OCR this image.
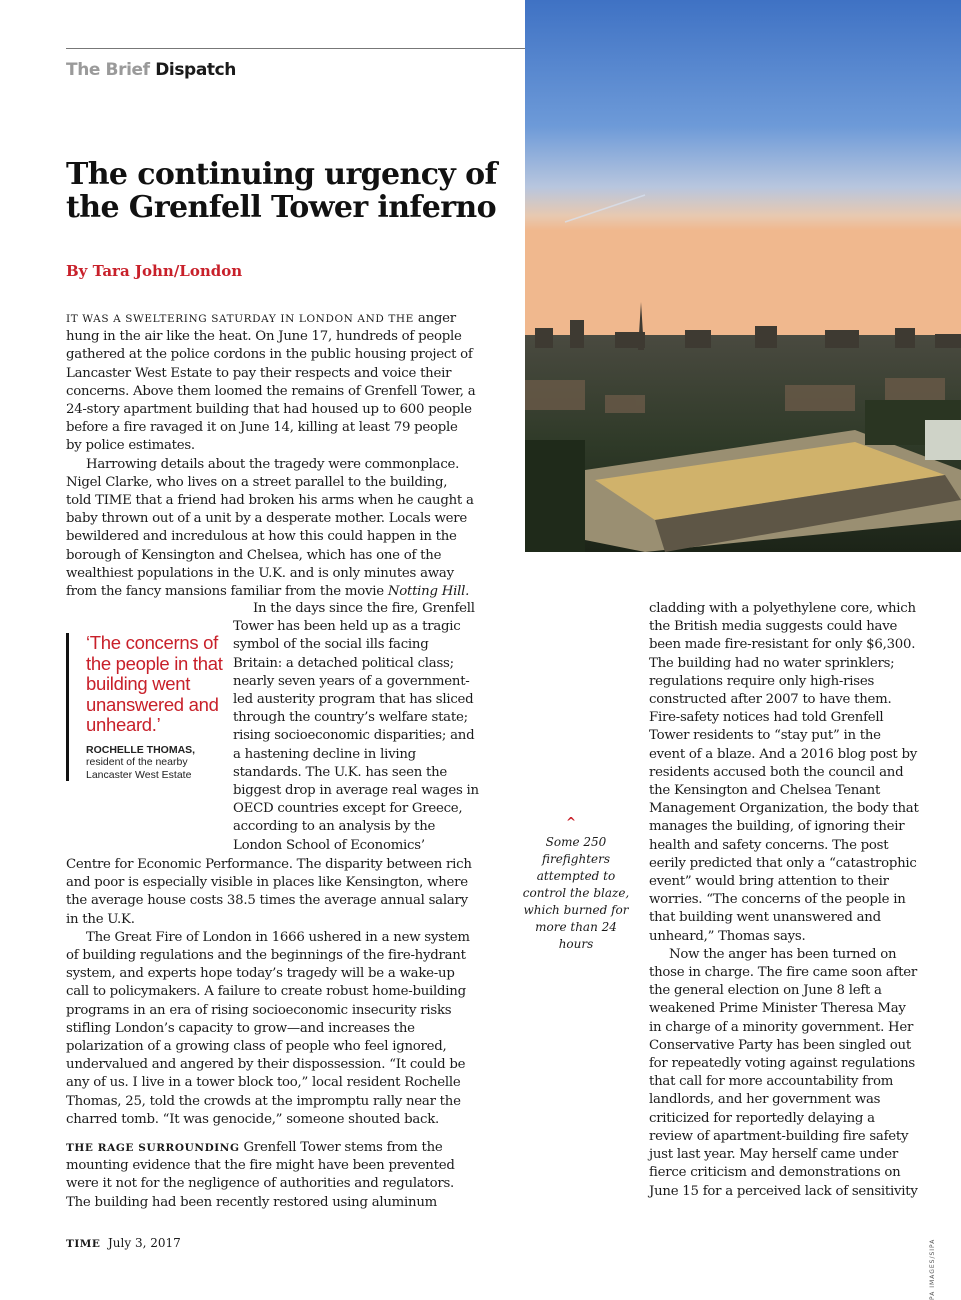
The Brief Dispatch
The continuing urgency of the Grenfell Tower inferno
By Tara John/London
PA IMAGES/SIPA

IT WAS A SWELTERING SATURDAY IN LONDON AND THE anger hung in the air like the heat. On June 17, hundreds of people gathered at the police cordons in the public housing project of Lancaster West Estate to pay their respects and voice their concerns. Above them loomed the remains of Grenfell Tower, a 24-story apartment building that had housed up to 600 people before a fire ravaged it on June 14, killing at least 79 people by police estimates.

Harrowing details about the tragedy were commonplace. Nigel Clarke, who lives on a street parallel to the building, told TIME that a friend had broken his arms when he caught a baby thrown out of a unit by a desperate mother. Locals were bewildered and incredulous at how this could happen in the borough of Kensington and Chelsea, which has one of the wealthiest populations in the U.K. and is only minutes away from the fancy mansions familiar from the movie Notting Hill.

‘The concerns of the people in that building went unanswered and unheard.’

ROCHELLE THOMAS,
resident of the nearby Lancaster West Estate

In the days since the fire, Grenfell Tower has been held up as a tragic symbol of the social ills facing Britain: a detached political class; nearly seven years of a government-led austerity program that has sliced through the country’s welfare state; rising socioeconomic disparities; and a hastening decline in living standards. The U.K. has seen the biggest drop in average real wages in OECD countries except for Greece, according to an analysis by the London School of Economics’

Centre for Economic Performance. The disparity between rich and poor is especially visible in places like Kensington, where the average house costs 38.5 times the average annual salary in the U.K.

The Great Fire of London in 1666 ushered in a new system of building regulations and the beginnings of the fire-hydrant system, and experts hope today’s tragedy will be a wake-up call to policymakers. A failure to create robust home-building programs in an era of rising socioeconomic insecurity risks stifling London’s capacity to grow—and increases the polarization of a growing class of people who feel ignored, undervalued and angered by their dispossession. “It could be any of us. I live in a tower block too,” local resident Rochelle Thomas, 25, told the crowds at the impromptu rally near the charred tomb. “It was genocide,” someone shouted back.

THE RAGE SURROUNDING Grenfell Tower stems from the mounting evidence that the fire might have been prevented were it not for the negligence of authorities and regulators. The building had been recently restored using aluminum

^

Some 250 firefighters attempted to control the blaze, which burned for more than 24 hours

cladding with a polyethylene core, which the British media suggests could have been made fire-resistant for only $6,300. The building had no water sprinklers; regulations require only high-rises constructed after 2007 to have them. Fire-safety notices had told Grenfell Tower residents to “stay put” in the event of a blaze. And a 2016 blog post by residents accused both the council and the Kensington and Chelsea Tenant Management Organization, the body that manages the building, of ignoring their health and safety concerns. The post eerily predicted that only a “catastrophic event” would bring attention to their worries. “The concerns of the people in that building went unanswered and unheard,” Thomas says.

Now the anger has been turned on those in charge. The fire came soon after the general election on June 8 left a weakened Prime Minister Theresa May in charge of a minority government. Her Conservative Party has been singled out for repeatedly voting against regulations that call for more accountability from landlords, and her government was criticized for reportedly delaying a review of apartment-building fire safety just last year. May herself came under fierce criticism and demonstrations on June 15 for a perceived lack of sensitivity

TIME July 3, 2017
